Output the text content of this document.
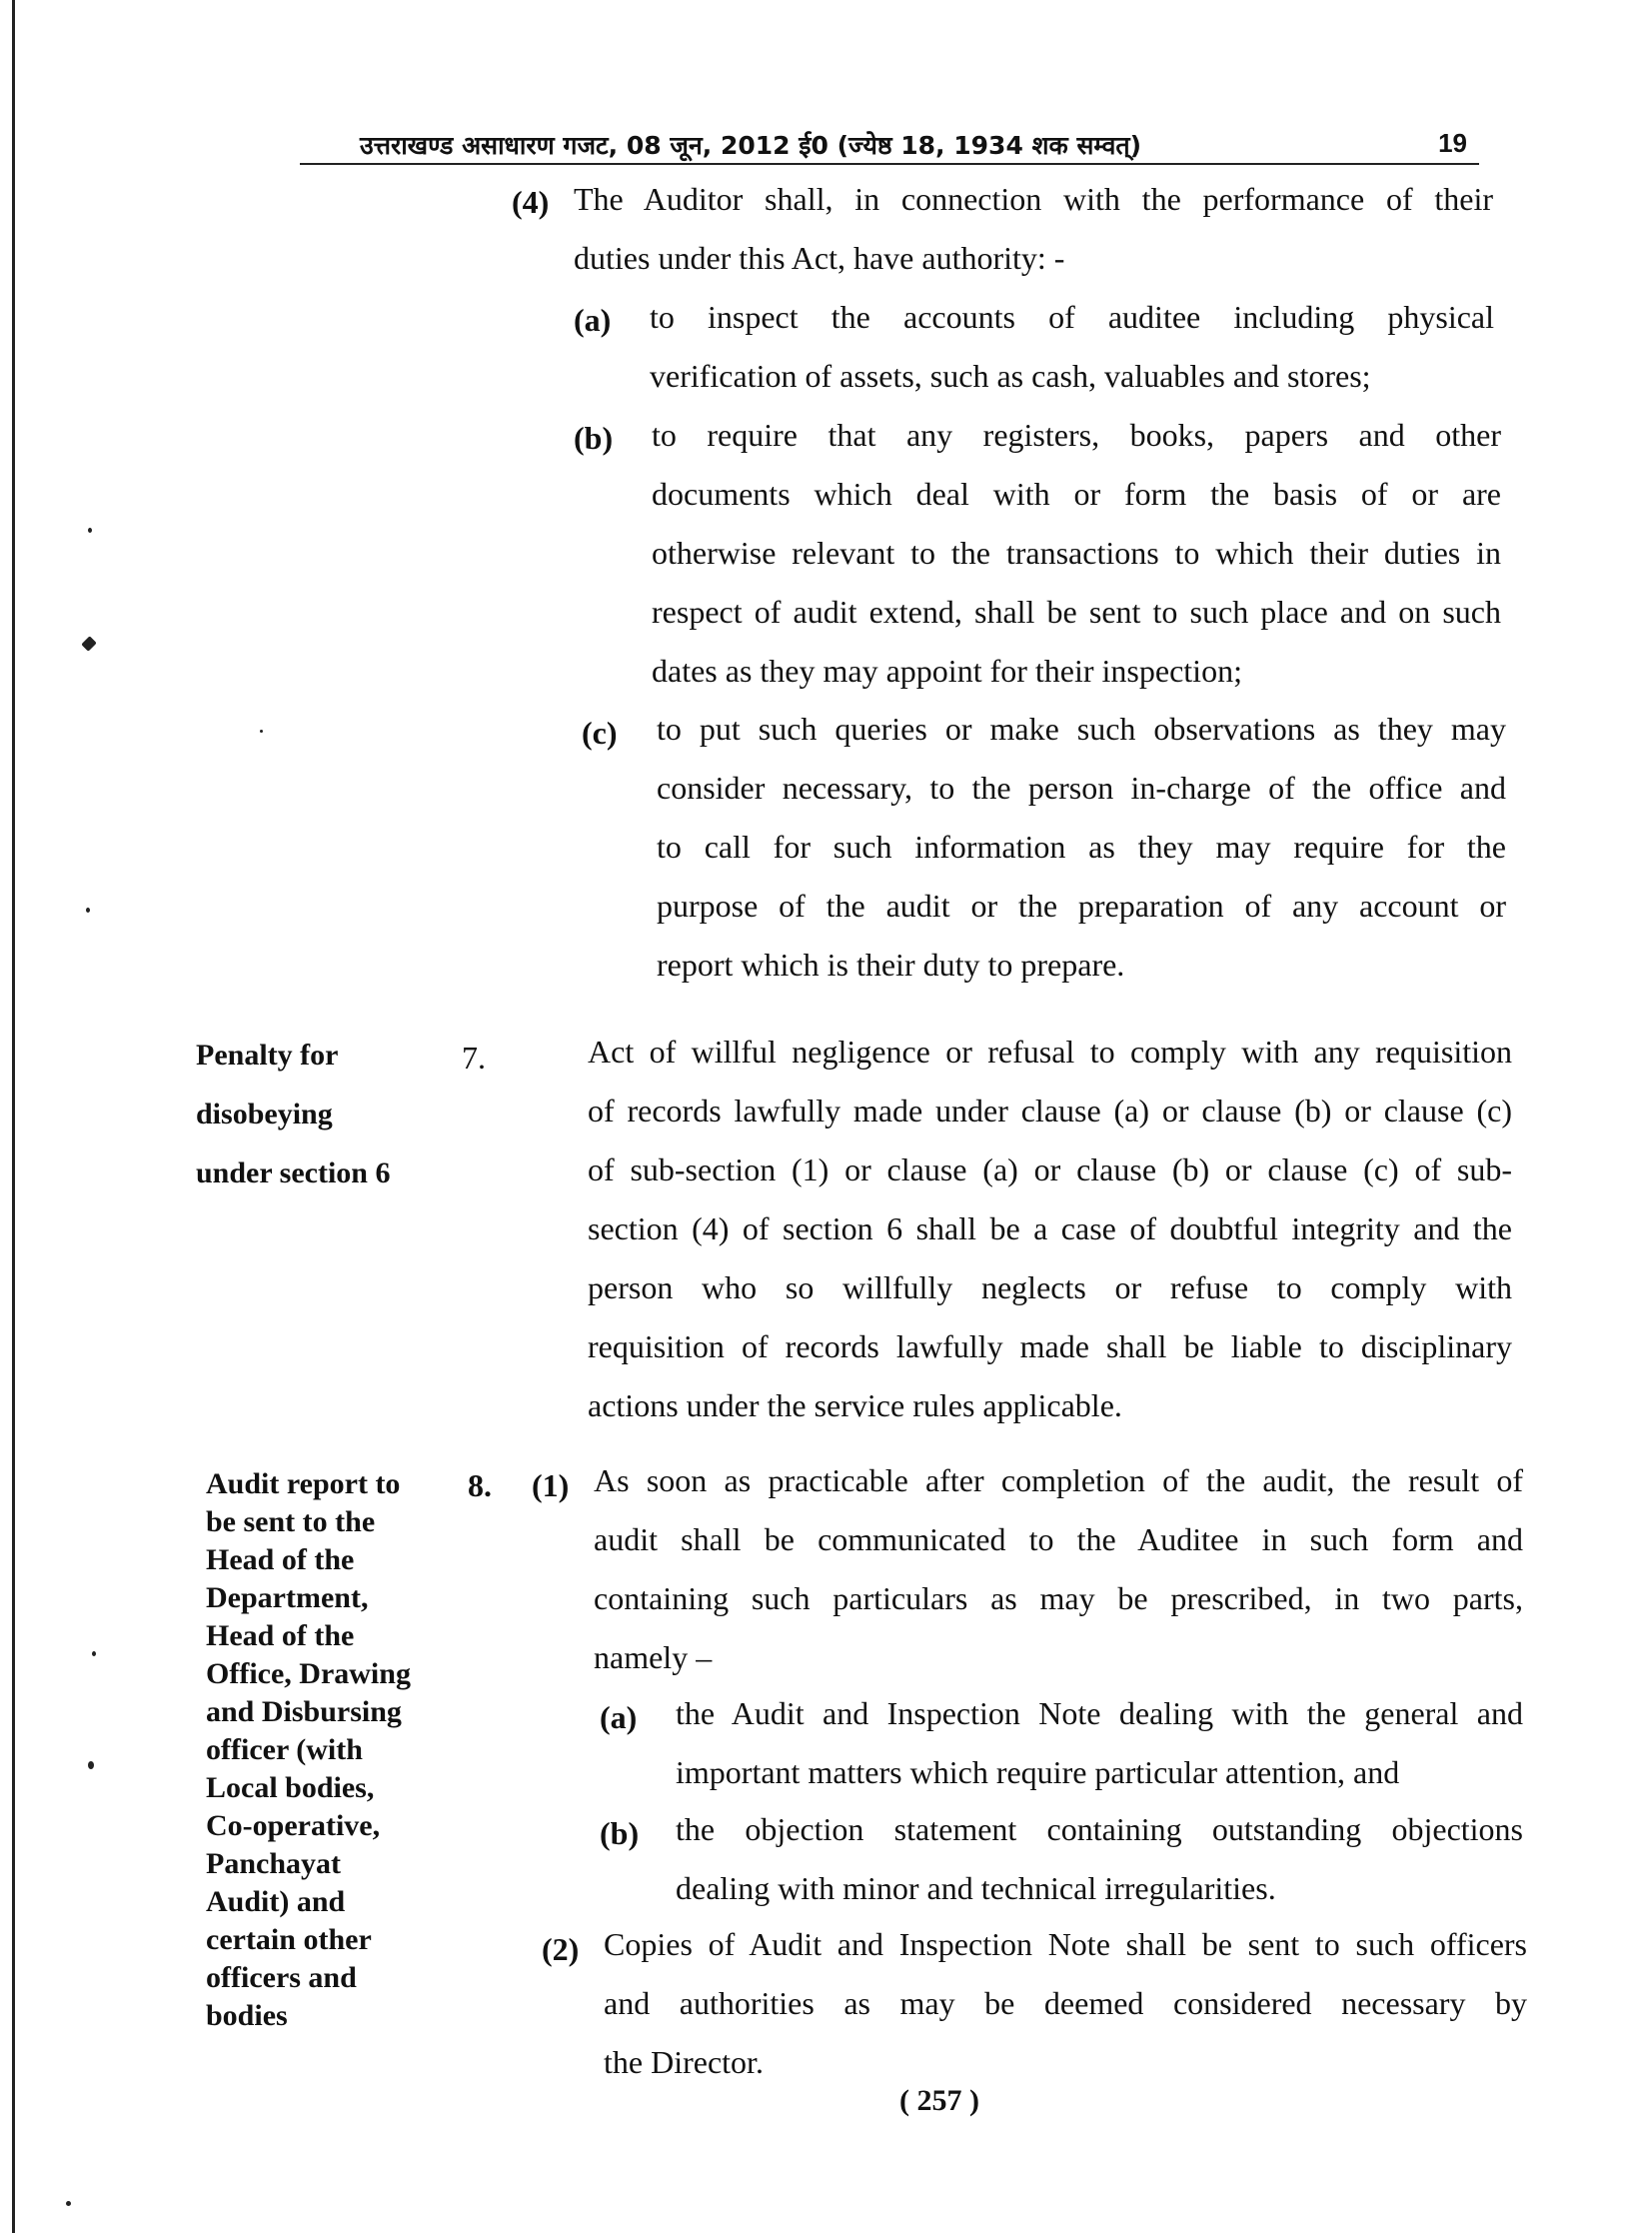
उत्तराखण्ड असाधारण गजट, 08 जून, 2012 ई0 (ज्येष्ठ 18, 1934 शक सम्वत्)	19
(4) The Auditor shall, in connection with the performance of their

duties under this Act, have authority: -

(a) to inspect the accounts of auditee including physical

verification of assets, such as cash, valuables and stores;

(b) to require that any registers, books, papers and other

documents which deal with or form the basis of or are

otherwise relevant to the transactions to which their duties in

respect of audit extend, shall be sent to such place and on such

dates as they may appoint for their inspection;

(c) to put such queries or make such observations as they may

consider necessary, to the person in-charge of the office and

to call for such information as they may require for the

purpose of the audit or the preparation of any account or

report which is their duty to prepare.

Penalty for
disobeying
under section 6
7.	Act of willful negligence or refusal to comply with any requisition

of records lawfully made under clause (a) or clause (b) or clause (c)

of sub-section (1) or clause (a) or clause (b) or clause (c) of sub-

section (4) of section 6 shall be a case of doubtful integrity and the

person who so willfully neglects or refuse to comply with

requisition of records lawfully made shall be liable to disciplinary

actions under the service rules applicable.

Audit report to
be sent to the
Head of the
Department,
Head of the
Office, Drawing
and Disbursing
officer (with
Local bodies,
Co-operative,
Panchayat
Audit) and
certain other
officers and
bodies
8. (1) As soon as practicable after completion of the audit, the result of

audit shall be communicated to the Auditee in such form and

containing such particulars as may be prescribed, in two parts,

namely –

(a) the Audit and Inspection Note dealing with the general and

important matters which require particular attention, and

(b) the objection statement containing outstanding objections

dealing with minor and technical irregularities.

(2) Copies of Audit and Inspection Note shall be sent to such officers

and authorities as may be deemed considered necessary by

the Director.

( 257 )
